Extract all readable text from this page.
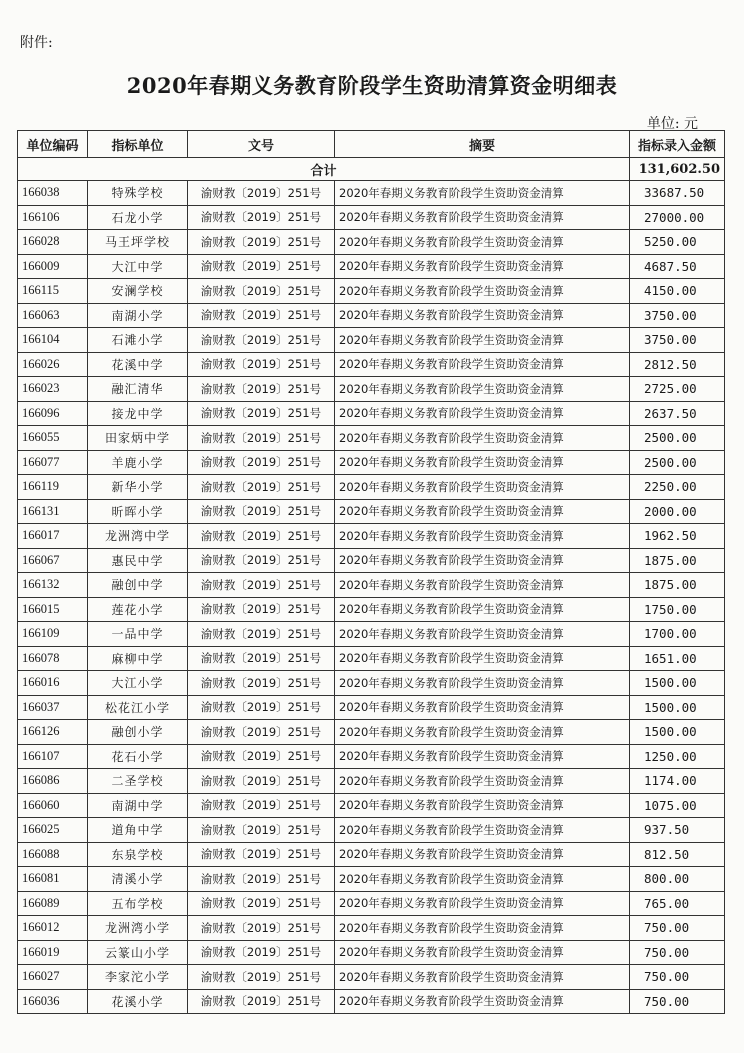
附件:
2020年春期义务教育阶段学生资助清算资金明细表
单位: 元
单位编码	指标单位	文号	摘要	指标录入金额
合计				131,602.50
166038	特殊学校	渝财教〔2019〕251号	2020年春期义务教育阶段学生资助资金清算	33687.50
166106	石龙小学	渝财教〔2019〕251号	2020年春期义务教育阶段学生资助资金清算	27000.00
166028	马王坪学校	渝财教〔2019〕251号	2020年春期义务教育阶段学生资助资金清算	5250.00
166009	大江中学	渝财教〔2019〕251号	2020年春期义务教育阶段学生资助资金清算	4687.50
166115	安澜学校	渝财教〔2019〕251号	2020年春期义务教育阶段学生资助资金清算	4150.00
166063	南湖小学	渝财教〔2019〕251号	2020年春期义务教育阶段学生资助资金清算	3750.00
166104	石滩小学	渝财教〔2019〕251号	2020年春期义务教育阶段学生资助资金清算	3750.00
166026	花溪中学	渝财教〔2019〕251号	2020年春期义务教育阶段学生资助资金清算	2812.50
166023	融汇清华	渝财教〔2019〕251号	2020年春期义务教育阶段学生资助资金清算	2725.00
166096	接龙中学	渝财教〔2019〕251号	2020年春期义务教育阶段学生资助资金清算	2637.50
166055	田家炳中学	渝财教〔2019〕251号	2020年春期义务教育阶段学生资助资金清算	2500.00
166077	羊鹿小学	渝财教〔2019〕251号	2020年春期义务教育阶段学生资助资金清算	2500.00
166119	新华小学	渝财教〔2019〕251号	2020年春期义务教育阶段学生资助资金清算	2250.00
166131	昕晖小学	渝财教〔2019〕251号	2020年春期义务教育阶段学生资助资金清算	2000.00
166017	龙洲湾中学	渝财教〔2019〕251号	2020年春期义务教育阶段学生资助资金清算	1962.50
166067	惠民中学	渝财教〔2019〕251号	2020年春期义务教育阶段学生资助资金清算	1875.00
166132	融创中学	渝财教〔2019〕251号	2020年春期义务教育阶段学生资助资金清算	1875.00
166015	莲花小学	渝财教〔2019〕251号	2020年春期义务教育阶段学生资助资金清算	1750.00
166109	一品中学	渝财教〔2019〕251号	2020年春期义务教育阶段学生资助资金清算	1700.00
166078	麻柳中学	渝财教〔2019〕251号	2020年春期义务教育阶段学生资助资金清算	1651.00
166016	大江小学	渝财教〔2019〕251号	2020年春期义务教育阶段学生资助资金清算	1500.00
166037	松花江小学	渝财教〔2019〕251号	2020年春期义务教育阶段学生资助资金清算	1500.00
166126	融创小学	渝财教〔2019〕251号	2020年春期义务教育阶段学生资助资金清算	1500.00
166107	花石小学	渝财教〔2019〕251号	2020年春期义务教育阶段学生资助资金清算	1250.00
166086	二圣学校	渝财教〔2019〕251号	2020年春期义务教育阶段学生资助资金清算	1174.00
166060	南湖中学	渝财教〔2019〕251号	2020年春期义务教育阶段学生资助资金清算	1075.00
166025	道角中学	渝财教〔2019〕251号	2020年春期义务教育阶段学生资助资金清算	937.50
166088	东泉学校	渝财教〔2019〕251号	2020年春期义务教育阶段学生资助资金清算	812.50
166081	清溪小学	渝财教〔2019〕251号	2020年春期义务教育阶段学生资助资金清算	800.00
166089	五布学校	渝财教〔2019〕251号	2020年春期义务教育阶段学生资助资金清算	765.00
166012	龙洲湾小学	渝财教〔2019〕251号	2020年春期义务教育阶段学生资助资金清算	750.00
166019	云篆山小学	渝财教〔2019〕251号	2020年春期义务教育阶段学生资助资金清算	750.00
166027	李家沱小学	渝财教〔2019〕251号	2020年春期义务教育阶段学生资助资金清算	750.00
166036	花溪小学	渝财教〔2019〕251号	2020年春期义务教育阶段学生资助资金清算	750.00
